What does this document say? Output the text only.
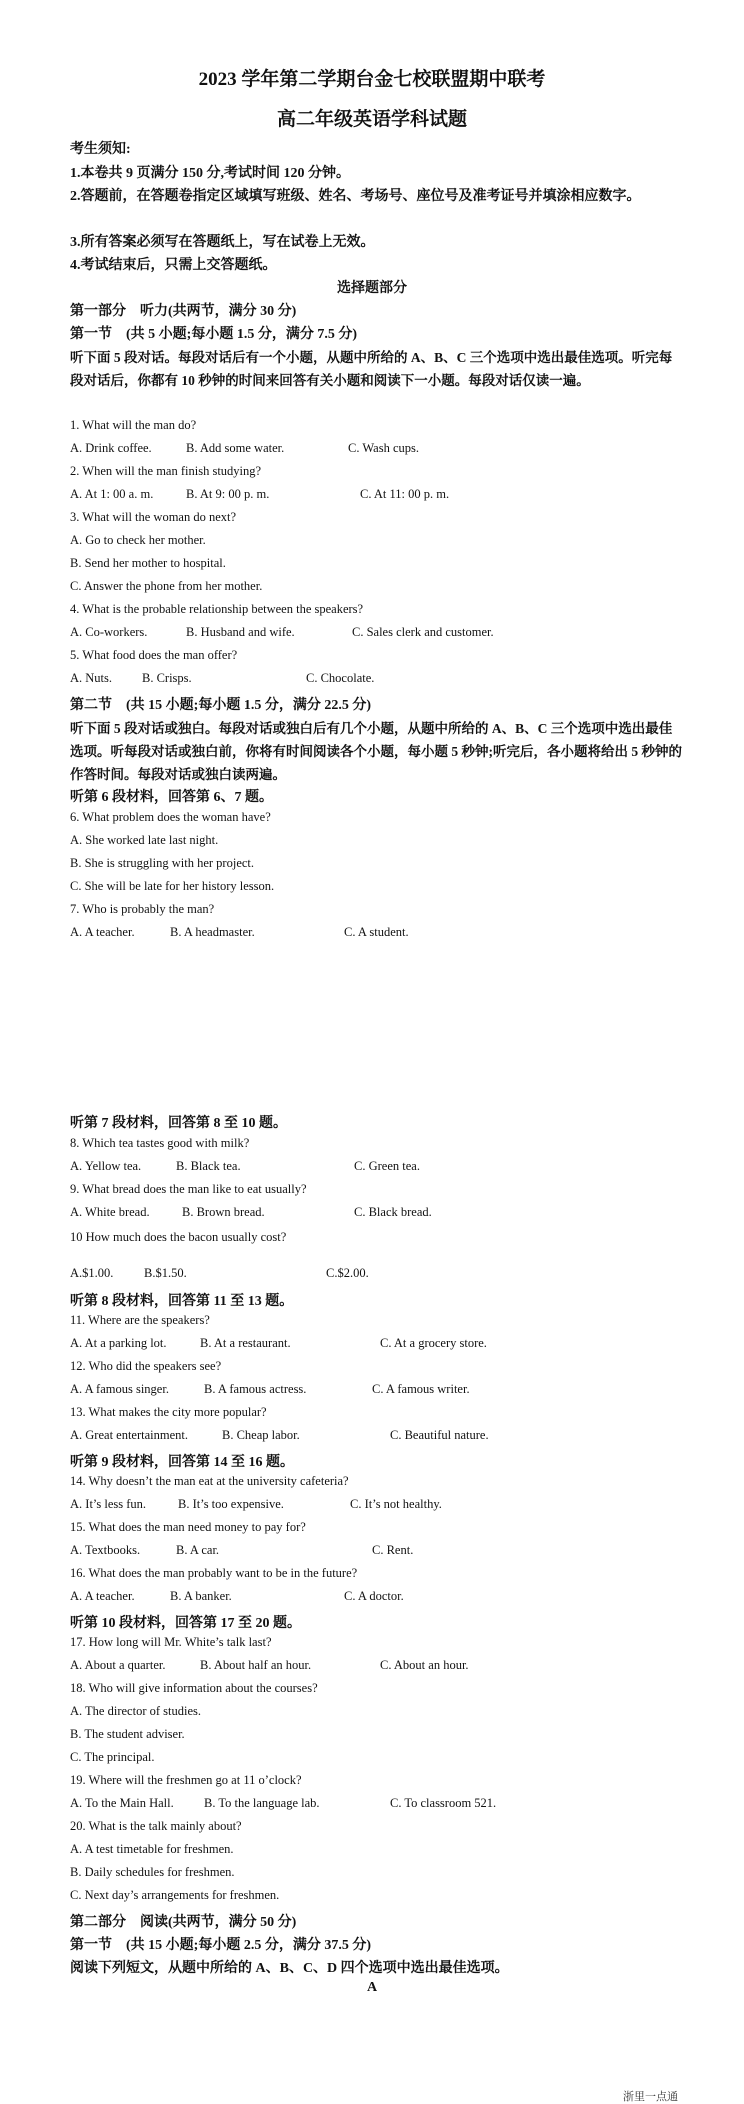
2023 学年第二学期台金七校联盟期中联考
高二年级英语学科试题
考生须知:
1.本卷共 9 页满分 150 分,考试时间 120 分钟。
2.答题前，在答题卷指定区域填写班级、姓名、考场号、座位号及准考证号并填涂相应数字。
3.所有答案必须写在答题纸上，写在试卷上无效。
4.考试结束后，只需上交答题纸。
选择题部分
第一部分　听力(共两节，满分 30 分)
第一节　(共 5 小题;每小题 1.5 分，满分 7.5 分)
听下面 5 段对话。每段对话后有一个小题，从题中所给的 A、B、C 三个选项中选出最佳选项。听完每段对话后，你都有 10 秒钟的时间来回答有关小题和阅读下一小题。每段对话仅读一遍。
1. What will the man do?
A. Drink coffee.	B. Add some water.	C. Wash cups.
2. When will the man finish studying?
A. At 1: 00 a. m.	B. At 9: 00 p. m.	C. At 11: 00 p. m.
3. What will the woman do next?
A. Go to check her mother.
B. Send her mother to hospital.
C. Answer the phone from her mother.
4. What is the probable relationship between the speakers?
A. Co-workers.	B. Husband and wife.	C. Sales clerk and customer.
5. What food does the man offer?
A. Nuts. B. Crisps.	C. Chocolate.
第二节　(共 15 小题;每小题 1.5 分，满分 22.5 分)
听下面 5 段对话或独白。每段对话或独白后有几个小题，从题中所给的 A、B、C 三个选项中选出最佳选项。听每段对话或独白前，你将有时间阅读各个小题，每小题 5 秒钟;听完后，各小题将给出 5 秒钟的作答时间。每段对话或独白读两遍。
听第 6 段材料，回答第 6、7 题。
6. What problem does the woman have?
A. She worked late last night.
B. She is struggling with her project.
C. She will be late for her history lesson.
7. Who is probably the man?
A. A teacher.	B. A headmaster.	C. A student.
听第 7 段材料，回答第 8 至 10 题。
8. Which tea tastes good with milk?
A. Yellow tea.	B. Black tea.	C. Green tea.
9. What bread does the man like to eat usually?
A. White bread.	B. Brown bread.	C. Black bread.
10 How much does the bacon usually cost?
A.$1.00. B.$1.50.	C.$2.00.
听第 8 段材料，回答第 11 至 13 题。
11. Where are the speakers?
A. At a parking lot.	B. At a restaurant.	C. At a grocery store.
12. Who did the speakers see?
A. A famous singer.	B. A famous actress.	C. A famous writer.
13. What makes the city more popular?
A. Great entertainment.	B. Cheap labor.	C. Beautiful nature.
听第 9 段材料，回答第 14 至 16 题。
14. Why doesn’t the man eat at the university cafeteria?
A. It’s less fun.	B. It’s too expensive.	C. It’s not healthy.
15. What does the man need money to pay for?
A. Textbooks.	B. A car.	C. Rent.
16. What does the man probably want to be in the future?
A. A teacher.	B. A banker.	C. A doctor.
听第 10 段材料，回答第 17 至 20 题。
17. How long will Mr. White’s talk last?
A. About a quarter.	B. About half an hour.	C. About an hour.
18. Who will give information about the courses?
A. The director of studies.
B. The student adviser.
C. The principal.
19. Where will the freshmen go at 11 o’clock?
A. To the Main Hall. B. To the language lab.	C. To classroom 521.
20. What is the talk mainly about?
A. A test timetable for freshmen.
B. Daily schedules for freshmen.
C. Next day’s arrangements for freshmen.
第二部分　阅读(共两节，满分 50 分)
第一节　(共 15 小题;每小题 2.5 分，满分 37.5 分)
阅读下列短文，从题中所给的 A、B、C、D 四个选项中选出最佳选项。
A
浙里一点通
